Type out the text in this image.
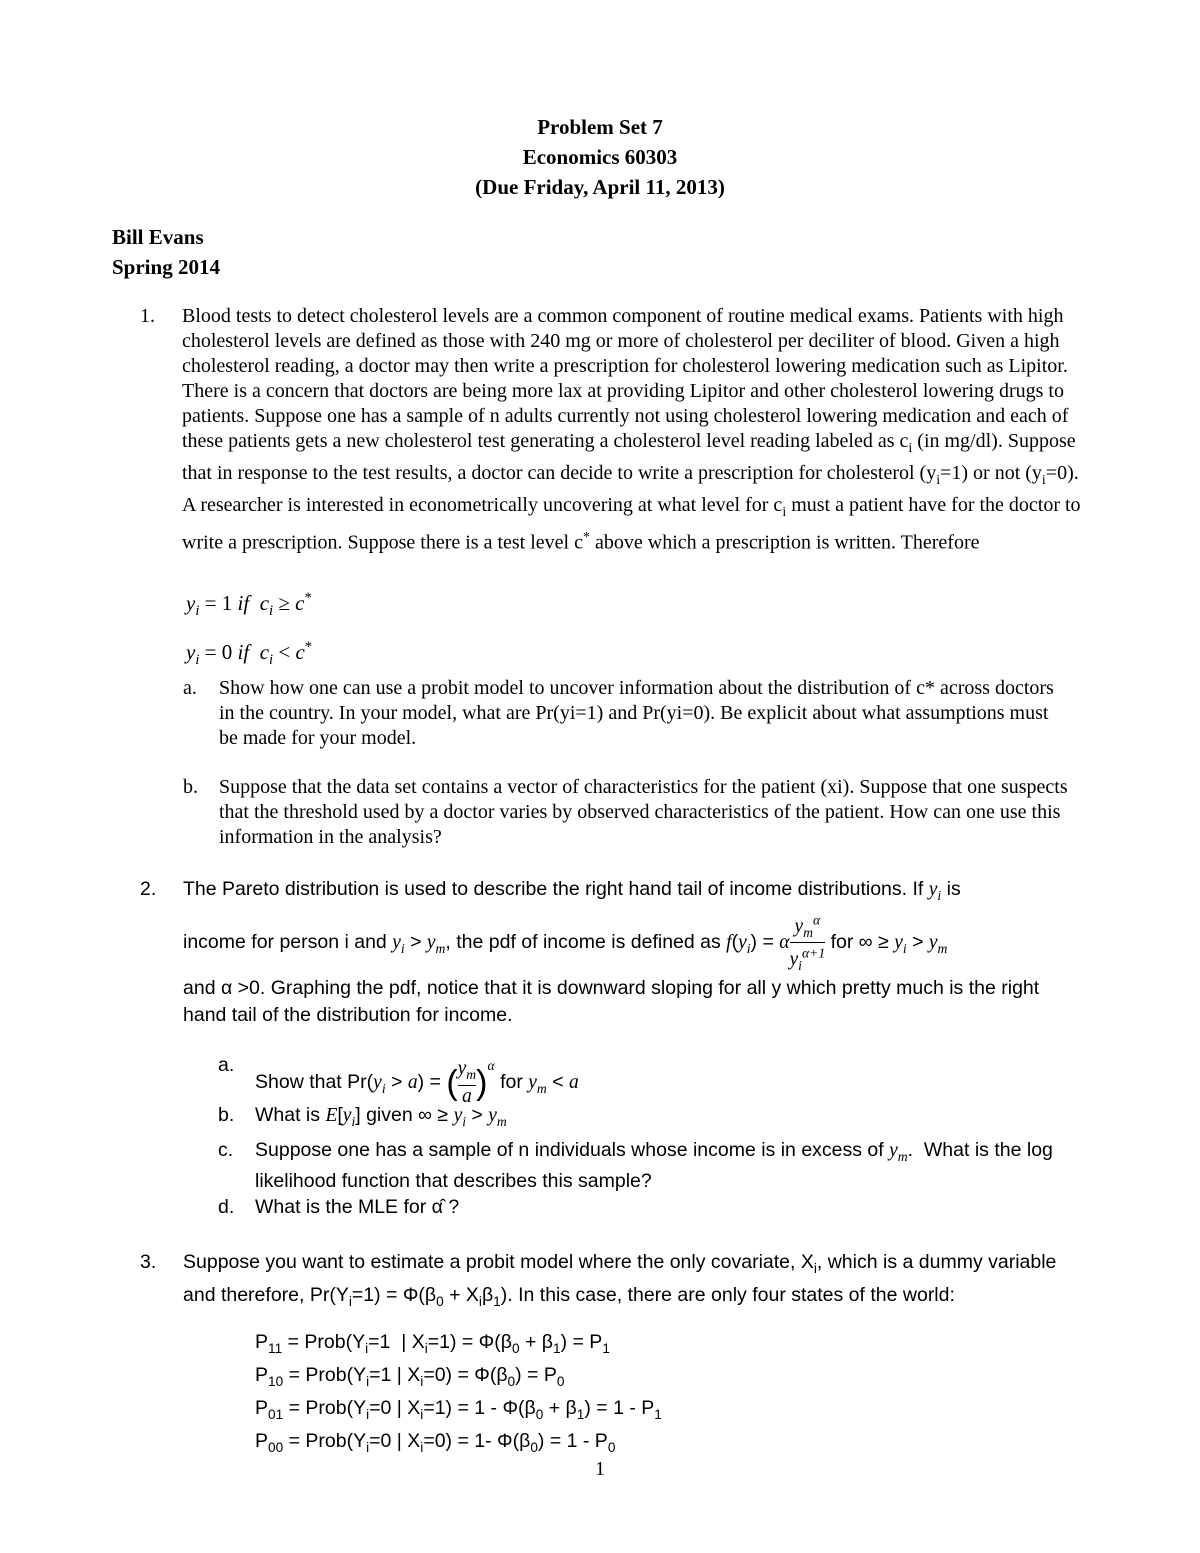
Problem Set 7
Economics 60303
(Due Friday, April 11, 2013)
Bill Evans
Spring 2014
1. Blood tests to detect cholesterol levels are a common component of routine medical exams. Patients with high cholesterol levels are defined as those with 240 mg or more of cholesterol per deciliter of blood. Given a high cholesterol reading, a doctor may then write a prescription for cholesterol lowering medication such as Lipitor. There is a concern that doctors are being more lax at providing Lipitor and other cholesterol lowering drugs to patients. Suppose one has a sample of n adults currently not using cholesterol lowering medication and each of these patients gets a new cholesterol test generating a cholesterol level reading labeled as $c_i$ (in mg/dl). Suppose that in response to the test results, a doctor can decide to write a prescription for cholesterol $(y_i=1)$ or not $(y_i=0)$. A researcher is interested in econometrically uncovering at what level for $c_i$ must a patient have for the doctor to write a prescription. Suppose there is a test level c* above which a prescription is written. Therefore
$y_i = 1$ if $c_i \ge c^*$
$y_i = 0$ if $c_i < c^*$
a. Show how one can use a probit model to uncover information about the distribution of c* across doctors in the country. In your model, what are Pr(yi=1) and Pr(yi=0). Be explicit about what assumptions must be made for your model.
b. Suppose that the data set contains a vector of characteristics for the patient (xi). Suppose that one suspects that the threshold used by a doctor varies by observed characteristics of the patient. How can one use this information in the analysis?
2. The Pareto distribution is used to describe the right hand tail of income distributions. If $y_i$ is
income for person i and $y_i > y_m$, the pdf of income is defined as $f(y_i) = \alpha \frac{y_m^\alpha}{y_i^{\alpha+1}}$ for ∞ ≥ $y_i > y_m$
and α >0. Graphing the pdf, notice that it is downward sloping for all y which pretty much is the right hand tail of the distribution for income.
a.
Show that $Pr(y_i > a)$ = ( $\frac{y_m}{a} )^\alpha$ for $y_m < a$
b. What is $E[y_i]$ given ∞ ≥ $y_i > y_m$
c. Suppose one has a sample of n individuals whose income is in excess of $y_m$.  What is the log likelihood function that describes this sample?
d. What is the MLE for α̂ ?
3. Suppose you want to estimate a probit model where the only covariate, $X_i$, which is a dummy variable and therefore, $Pr(Y_i=1) = \Phi(\beta_0 + X_i\beta_1)$. In this case, there are only four states of the world:
$P_{11}$ = $Prob(Y_i=1$  | $X_i=1) = \Phi(\beta_0 + \beta_1) = P_1$
$P_{10}$ = $Prob(Y_i=1$ | $X_i=0) = \Phi(\beta_0) = P_0$
$P_{01}$ = $Prob(Y_i=0$ | $X_i=1) = 1 - \Phi(\beta_0 + \beta_1) = 1 - P_1$
$P_{00}$ = $Prob(Y_i=0$ | $X_i=0) = 1-$ $\Phi(\beta_0) = 1 - P_0$
1
